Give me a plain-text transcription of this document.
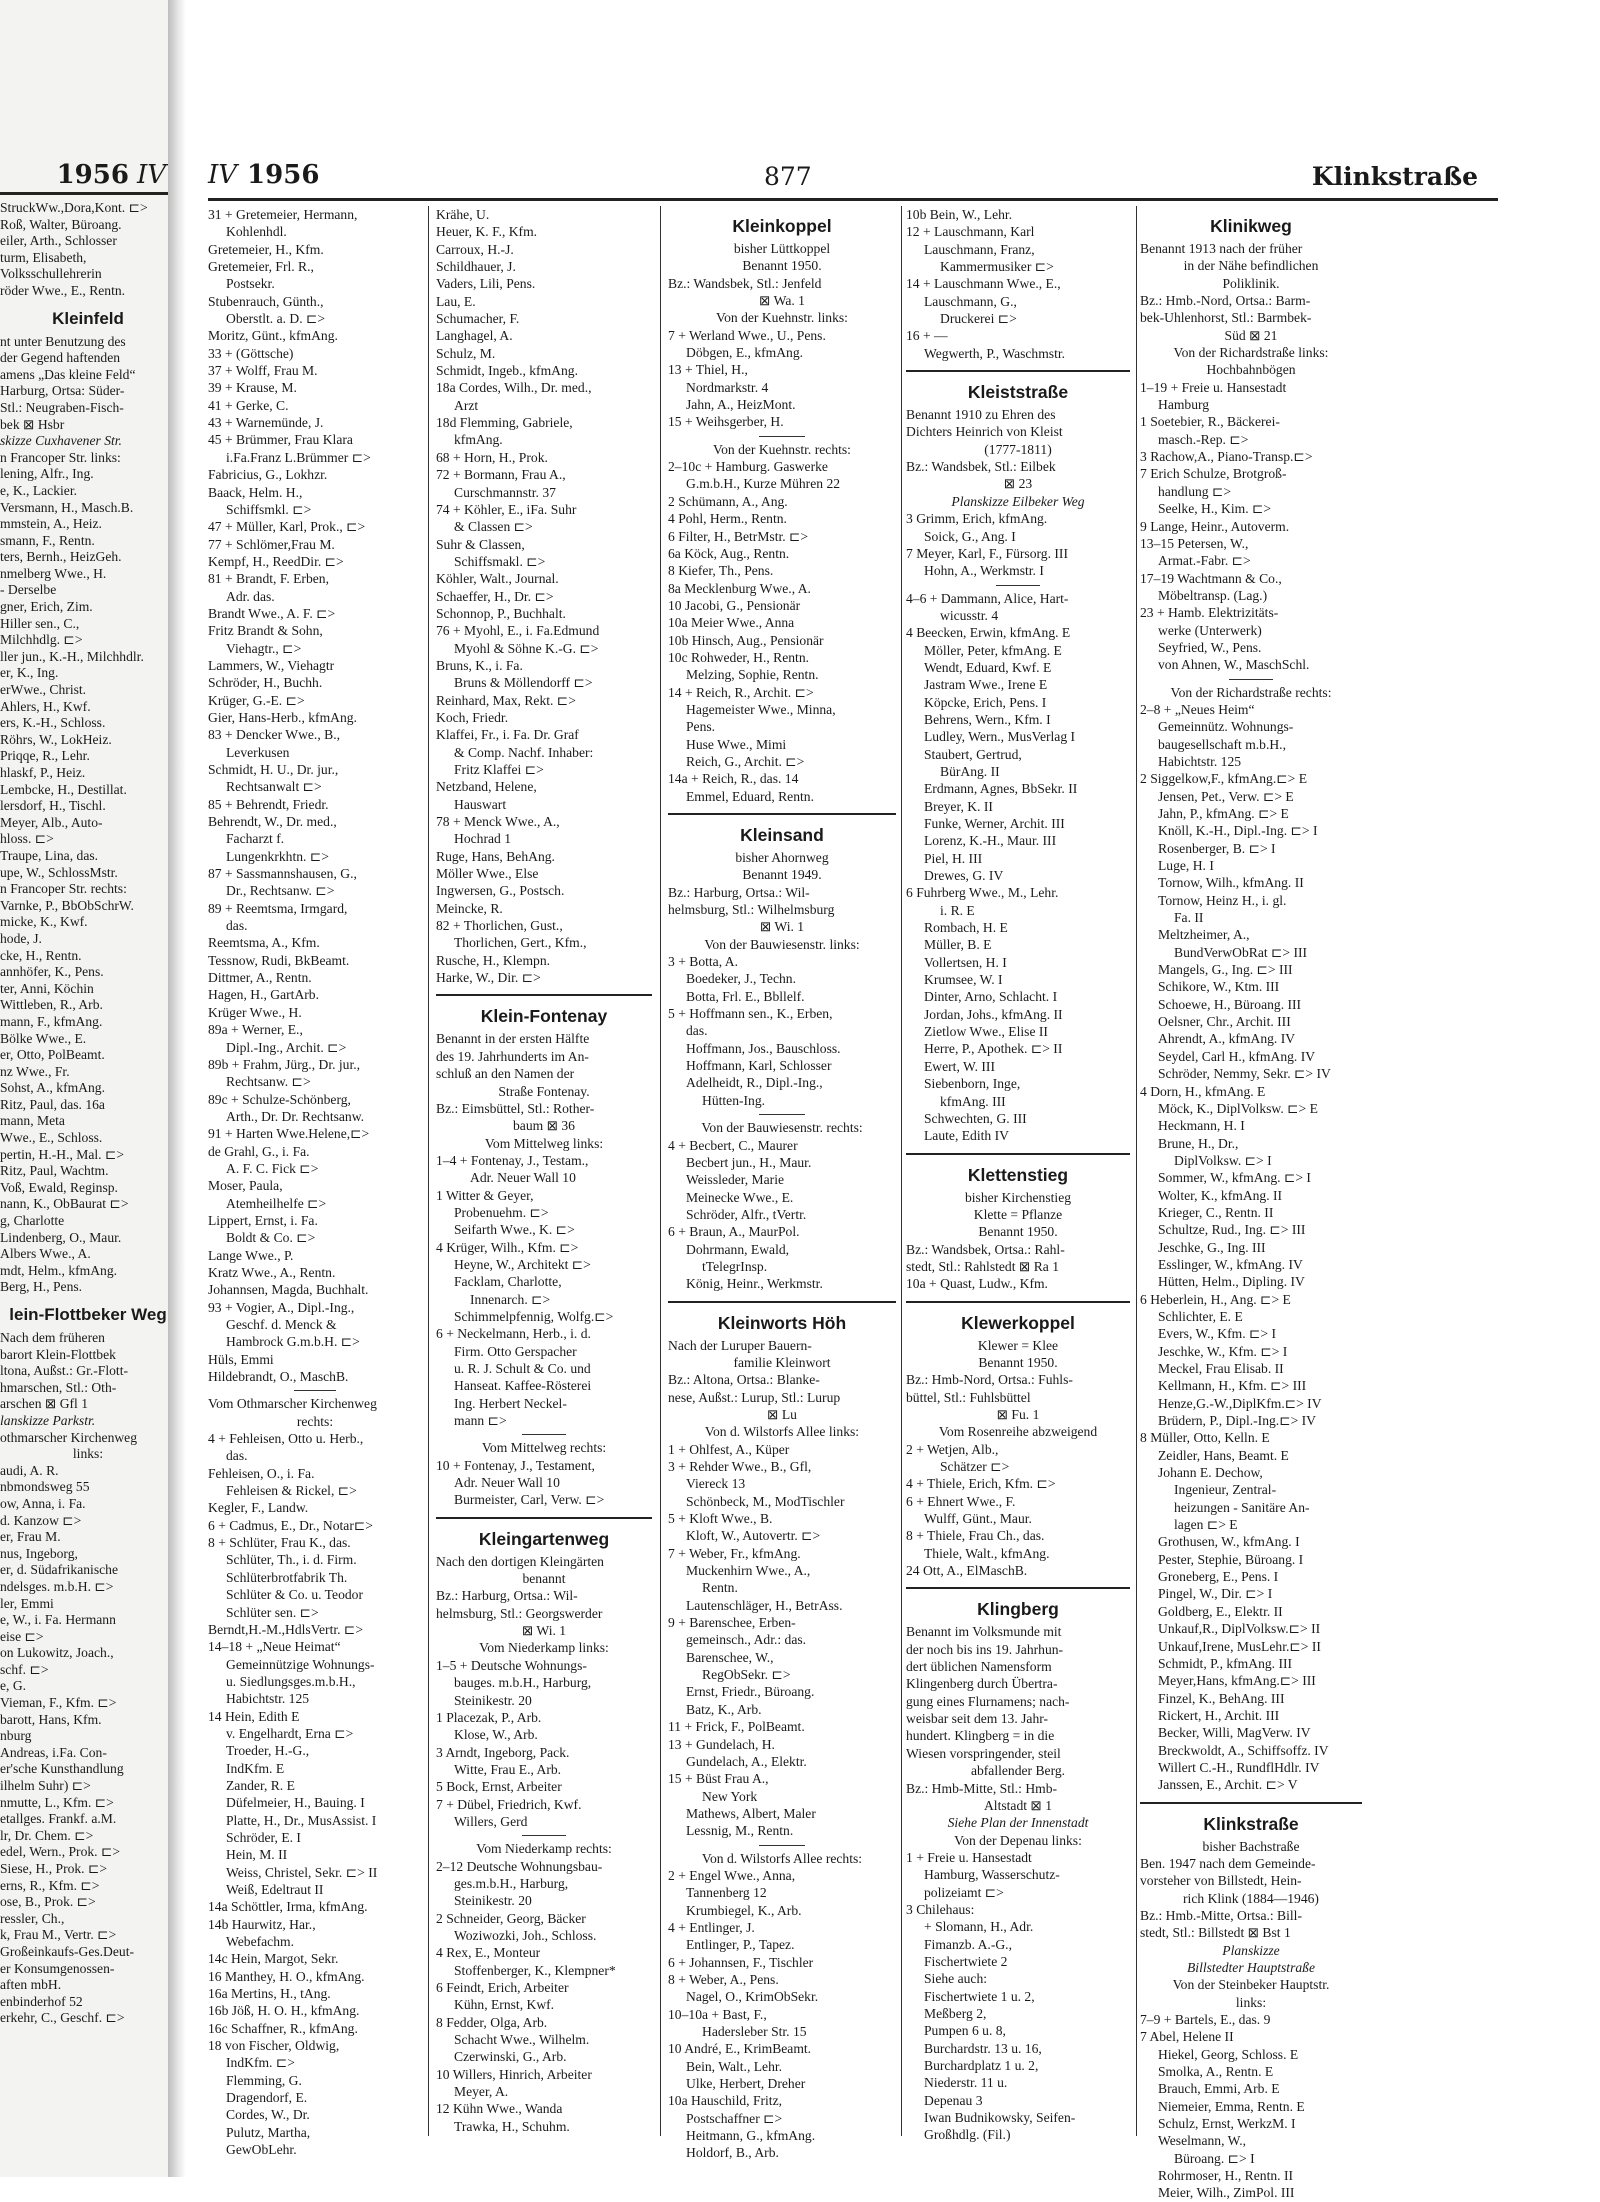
1956 IV
StruckWw.,Dora,Kont. ⊏>
Roß, Walter, Büroang.
eiler, Arth., Schlosser
turm, Elisabeth,
Volksschullehrerin
röder Wwe., E., Rentn.
Kleinfeld
nt unter Benutzung des
der Gegend haftenden
amens „Das kleine Feld“
Harburg, Ortsa: Süder-
Stl.: Neugraben-Fisch-
bek ⊠ Hsbr
skizze Cuxhavener Str.
n Francoper Str. links:
lening, Alfr., Ing.
e, K., Lackier.
Versmann, H., Masch.B.
mmstein, A., Heiz.
smann, F., Rentn.
ters, Bernh., HeizGeh.
nmelberg Wwe., H.
- Derselbe
gner, Erich, Zim.
Hiller sen., C.,
Milchhdlg. ⊏>
ller jun., K.-H., Milchhdlr.
er, K., Ing.
erWwe., Christ.
Ahlers, H., Kwf.
ers, K.-H., Schloss.
Röhrs, W., LokHeiz.
Priqqe, R., Lehr.
hlaskf, P., Heiz.
Lembcke, H., Destillat.
lersdorf, H., Tischl.
Meyer, Alb., Auto-
hloss. ⊏>
Traupe, Lina, das.
upe, W., SchlossMstr.
n Francoper Str. rechts:
Varnke, P., BbObSchrW.
micke, K., Kwf.
hode, J.
cke, H., Rentn.
annhöfer, K., Pens.
ter, Anni, Köchin
Wittleben, R., Arb.
mann, F., kfmAng.
Bölke Wwe., E.
er, Otto, PolBeamt.
nz Wwe., Fr.
Sohst, A., kfmAng.
Ritz, Paul, das. 16a
mann, Meta
Wwe., E., Schloss.
pertin, H.-H., Mal. ⊏>
Ritz, Paul, Wachtm.
Voß, Ewald, Reginsp.
nann, K., ObBaurat ⊏>
g, Charlotte
Lindenberg, O., Maur.
Albers Wwe., A.
mdt, Helm., kfmAng.
Berg, H., Pens.
lein-Flottbeker Weg
Nach dem früheren
barort Klein-Flottbek
ltona, Außst.: Gr.-Flott-
hmarschen, Stl.: Oth-
arschen ⊠ Gfl 1
lanskizze Parkstr.
othmarscher Kirchenweg
links:
audi, A. R.
nbmondsweg 55
ow, Anna, i. Fa.
d. Kanzow ⊏>
er, Frau M.
nus, Ingeborg,
er, d. Südafrikanische
ndelsges. m.b.H. ⊏>
ler, Emmi
e, W., i. Fa. Hermann
eise ⊏>
on Lukowitz, Joach.,
schf. ⊏>
e, G.
Vieman, F., Kfm. ⊏>
barott, Hans, Kfm.
nburg
Andreas, i.Fa. Con-
er'sche Kunsthandlung
ilhelm Suhr) ⊏>
nmutte, L., Kfm. ⊏>
etallges. Frankf. a.M.
lr, Dr. Chem. ⊏>
edel, Wern., Prok. ⊏>
Siese, H., Prok. ⊏>
erns, R., Kfm. ⊏>
ose, B., Prok. ⊏>
ressler, Ch.,
k, Frau M., Vertr. ⊏>
Großeinkaufs-Ges.Deut-
er Konsumgenossen-
aften mbH.
enbinderhof 52
erkehr, C., Geschf. ⊏>
IV 1956	877	Klinkstraße
31 + Gretemeier, Hermann,
Kohlenhdl.
Gretemeier, H., Kfm.
Gretemeier, Frl. R.,
Postsekr.
Stubenrauch, Günth.,
Oberstlt. a. D. ⊏>
Moritz, Günt., kfmAng.
33 + (Göttsche)
37 + Wolff, Frau M.
39 + Krause, M.
41 + Gerke, C.
43 + Warnemünde, J.
45 + Brümmer, Frau Klara
i.Fa.Franz L.Brümmer ⊏>
Fabricius, G., Lokhzr.
Baack, Helm. H.,
Schiffsmkl. ⊏>
47 + Müller, Karl, Prok., ⊏>
77 + Schlömer,Frau M.
Kempf, H., ReedDir. ⊏>
81 + Brandt, F. Erben,
Adr. das.
Brandt Wwe., A. F. ⊏>
Fritz Brandt & Sohn,
Viehagtr., ⊏>
Lammers, W., Viehagtr
Schröder, H., Buchh.
Krüger, G.-E. ⊏>
Gier, Hans-Herb., kfmAng.
83 + Dencker Wwe., B.,
Leverkusen
Schmidt, H. U., Dr. jur.,
Rechtsanwalt ⊏>
85 + Behrendt, Friedr.
Behrendt, W., Dr. med.,
Facharzt f.
Lungenkrkhtn. ⊏>
87 + Sassmannshausen, G.,
Dr., Rechtsanw. ⊏>
89 + Reemtsma, Irmgard,
das.
Reemtsma, A., Kfm.
Tessnow, Rudi, BkBeamt.
Dittmer, A., Rentn.
Hagen, H., GartArb.
Krüger Wwe., H.
89a + Werner, E.,
Dipl.-Ing., Archit. ⊏>
89b + Frahm, Jürg., Dr. jur.,
Rechtsanw. ⊏>
89c + Schulze-Schönberg,
Arth., Dr. Dr. Rechtsanw.
91 + Harten Wwe.Helene,⊏>
de Grahl, G., i. Fa.
A. F. C. Fick ⊏>
Moser, Paula,
Atemheilhelfe ⊏>
Lippert, Ernst, i. Fa.
Boldt & Co. ⊏>
Lange Wwe., P.
Kratz Wwe., A., Rentn.
Johannsen, Magda, Buchhalt.
93 + Vogier, A., Dipl.-Ing.,
Geschf. d. Menck &
Hambrock G.m.b.H. ⊏>
Hüls, Emmi
Hildebrandt, O., MaschB.
Vom Othmarscher Kirchenweg
rechts:
4 + Fehleisen, Otto u. Herb.,
das.
Fehleisen, O., i. Fa.
Fehleisen & Rickel, ⊏>
Kegler, F., Landw.
6 + Cadmus, E., Dr., Notar⊏>
8 + Schlüter, Frau K., das.
Schlüter, Th., i. d. Firm.
Schlüterbrotfabrik Th.
Schlüter & Co. u. Teodor
Schlüter sen. ⊏>
Berndt,H.-M.,HdlsVertr. ⊏>
14–18 + „Neue Heimat“
Gemeinnützige Wohnungs-
u. Siedlungsges.m.b.H.,
Habichtstr. 125
14 Hein, Edith E
v. Engelhardt, Erna ⊏>
Troeder, H.-G.,
IndKfm. E
Zander, R. E
Düfelmeier, H., Bauing. I
Platte, H., Dr., MusAssist. I
Schröder, E. I
Hein, M. II
Weiss, Christel, Sekr. ⊏> II
Weiß, Edeltraut II
14a Schöttler, Irma, kfmAng.
14b Haurwitz, Har.,
Webefachm.
14c Hein, Margot, Sekr.
16 Manthey, H. O., kfmAng.
16a Mertins, H., tAng.
16b Jöß, H. O. H., kfmAng.
16c Schaffner, R., kfmAng.
18 von Fischer, Oldwig,
IndKfm. ⊏>
Flemming, G.
Dragendorf, E.
Cordes, W., Dr.
Pulutz, Martha,
GewObLehr.
Krähe, U.
Heuer, K. F., Kfm.
Carroux, H.-J.
Schildhauer, J.
Vaders, Lili, Pens.
Lau, E.
Schumacher, F.
Langhagel, A.
Schulz, M.
Schmidt, Ingeb., kfmAng.
18a Cordes, Wilh., Dr. med.,
Arzt
18d Flemming, Gabriele,
kfmAng.
68 + Horn, H., Prok.
72 + Bormann, Frau A.,
Curschmannstr. 37
74 + Köhler, E., iFa. Suhr
& Classen ⊏>
Suhr & Classen,
Schiffsmakl. ⊏>
Köhler, Walt., Journal.
Schaeffer, H., Dr. ⊏>
Schonnop, P., Buchhalt.
76 + Myohl, E., i. Fa.Edmund
Myohl & Söhne K.-G. ⊏>
Bruns, K., i. Fa.
Bruns & Möllendorff ⊏>
Reinhard, Max, Rekt. ⊏>
Koch, Friedr.
Klaffei, Fr., i. Fa. Dr. Graf
& Comp. Nachf. Inhaber:
Fritz Klaffei ⊏>
Netzband, Helene,
Hauswart
78 + Menck Wwe., A.,
Hochrad 1
Ruge, Hans, BehAng.
Möller Wwe., Else
Ingwersen, G., Postsch.
Meincke, R.
82 + Thorlichen, Gust.,
Thorlichen, Gert., Kfm.,
Rusche, H., Klempn.
Harke, W., Dir. ⊏>
Klein-Fontenay
Benannt in der ersten Hälfte
des 19. Jahrhunderts im An-
schluß an den Namen der
Straße Fontenay.
Bz.: Eimsbüttel, Stl.: Rother-
baum ⊠ 36
Vom Mittelweg links:
1–4 + Fontenay, J., Testam.,
Adr. Neuer Wall 10
1 Witter & Geyer,
Probenuehm. ⊏>
Seifarth Wwe., K. ⊏>
4 Krüger, Wilh., Kfm. ⊏>
Heyne, W., Architekt ⊏>
Facklam, Charlotte,
Innenarch. ⊏>
Schimmelpfennig, Wolfg.⊏>
6 + Neckelmann, Herb., i. d.
Firm. Otto Gerspacher
u. R. J. Schult & Co. und
Hanseat. Kaffee-Rösterei
Ing. Herbert Neckel-
mann ⊏>
Vom Mittelweg rechts:
10 + Fontenay, J., Testament,
Adr. Neuer Wall 10
Burmeister, Carl, Verw. ⊏>
Kleingartenweg
Nach den dortigen Kleingärten
benannt
Bz.: Harburg, Ortsa.: Wil-
helmsburg, Stl.: Georgswerder
⊠ Wi. 1
Vom Niederkamp links:
1–5 + Deutsche Wohnungs-
bauges. m.b.H., Harburg,
Steinikestr. 20
1 Placezak, P., Arb.
Klose, W., Arb.
3 Arndt, Ingeborg, Pack.
Witte, Frau E., Arb.
5 Bock, Ernst, Arbeiter
7 + Dübel, Friedrich, Kwf.
Willers, Gerd
Vom Niederkamp rechts:
2–12 Deutsche Wohnungsbau-
ges.m.b.H., Harburg,
Steinikestr. 20
2 Schneider, Georg, Bäcker
Woziwozki, Joh., Schloss.
4 Rex, E., Monteur
Stoffenberger, K., Klempner*
6 Feindt, Erich, Arbeiter
Kühn, Ernst, Kwf.
8 Fedder, Olga, Arb.
Schacht Wwe., Wilhelm.
Czerwinski, G., Arb.
10 Willers, Hinrich, Arbeiter
Meyer, A.
12 Kühn Wwe., Wanda
Trawka, H., Schuhm.
Kleinkoppel
bisher Lüttkoppel
Benannt 1950.
Bz.: Wandsbek, Stl.: Jenfeld
⊠ Wa. 1
Von der Kuehnstr. links:
7 + Werland Wwe., U., Pens.
Döbgen, E., kfmAng.
13 + Thiel, H.,
Nordmarkstr. 4
Jahn, A., HeizMont.
15 + Weihsgerber, H.
Von der Kuehnstr. rechts:
2–10c + Hamburg. Gaswerke
G.m.b.H., Kurze Mühren 22
2 Schümann, A., Ang.
4 Pohl, Herm., Rentn.
6 Filter, H., BetrMstr. ⊏>
6a Köck, Aug., Rentn.
8 Kiefer, Th., Pens.
8a Mecklenburg Wwe., A.
10 Jacobi, G., Pensionär
10a Meier Wwe., Anna
10b Hinsch, Aug., Pensionär
10c Rohweder, H., Rentn.
Melzing, Sophie, Rentn.
14 + Reich, R., Archit. ⊏>
Hagemeister Wwe., Minna,
Pens.
Huse Wwe., Mimi
Reich, G., Archit. ⊏>
14a + Reich, R., das. 14
Emmel, Eduard, Rentn.
Kleinsand
bisher Ahornweg
Benannt 1949.
Bz.: Harburg, Ortsa.: Wil-
helmsburg, Stl.: Wilhelmsburg
⊠ Wi. 1
Von der Bauwiesenstr. links:
3 + Botta, A.
Boedeker, J., Techn.
Botta, Frl. E., Bbllelf.
5 + Hoffmann sen., K., Erben,
das.
Hoffmann, Jos., Bauschloss.
Hoffmann, Karl, Schlosser
Adelheidt, R., Dipl.-Ing.,
Hütten-Ing.
Von der Bauwiesenstr. rechts:
4 + Becbert, C., Maurer
Becbert jun., H., Maur.
Weissleder, Marie
Meinecke Wwe., E.
Schröder, Alfr., tVertr.
6 + Braun, A., MaurPol.
Dohrmann, Ewald,
tTelegrInsp.
König, Heinr., Werkmstr.
Kleinworts Höh
Nach der Luruper Bauern-
familie Kleinwort
Bz.: Altona, Ortsa.: Blanke-
nese, Außst.: Lurup, Stl.: Lurup
⊠ Lu
Von d. Wilstorfs Allee links:
1 + Ohlfest, A., Küper
3 + Rehder Wwe., B., Gfl,
Viereck 13
Schönbeck, M., ModTischler
5 + Kloft Wwe., B.
Kloft, W., Autovertr. ⊏>
7 + Weber, Fr., kfmAng.
Muckenhirn Wwe., A.,
Rentn.
Lautenschläger, H., BetrAss.
9 + Barenschee, Erben-
gemeinsch., Adr.: das.
Barenschee, W.,
RegObSekr. ⊏>
Ernst, Friedr., Büroang.
Batz, K., Arb.
11 + Frick, F., PolBeamt.
13 + Gundelach, H.
Gundelach, A., Elektr.
15 + Büst Frau A.,
New York
Mathews, Albert, Maler
Lessnig, M., Rentn.
Von d. Wilstorfs Allee rechts:
2 + Engel Wwe., Anna,
Tannenberg 12
Krumbiegel, K., Arb.
4 + Entlinger, J.
Entlinger, P., Tapez.
6 + Johannsen, F., Tischler
8 + Weber, A., Pens.
Nagel, O., KrimObSekr.
10–10a + Bast, F.,
Hadersleber Str. 15
10 André, E., KrimBeamt.
Bein, Walt., Lehr.
Ulke, Herbert, Dreher
10a Hauschild, Fritz,
Postschaffner ⊏>
Heitmann, G., kfmAng.
Holdorf, B., Arb.
10b Bein, W., Lehr.
12 + Lauschmann, Karl
Lauschmann, Franz,
Kammermusiker ⊏>
14 + Lauschmann Wwe., E.,
Lauschmann, G.,
Druckerei ⊏>
16 + —
Wegwerth, P., Waschmstr.
Kleiststraße
Benannt 1910 zu Ehren des
Dichters Heinrich von Kleist
(1777-1811)
Bz.: Wandsbek, Stl.: Eilbek
⊠ 23
Planskizze Eilbeker Weg
3 Grimm, Erich, kfmAng.
Soick, G., Ang. I
7 Meyer, Karl, F., Fürsorg. III
Hohn, A., Werkmstr. I
4–6 + Dammann, Alice, Hart-
wicusstr. 4
4 Beecken, Erwin, kfmAng. E
Möller, Peter, kfmAng. E
Wendt, Eduard, Kwf. E
Jastram Wwe., Irene E
Köpcke, Erich, Pens. I
Behrens, Wern., Kfm. I
Ludley, Wern., MusVerlag I
Staubert, Gertrud,
BürAng. II
Erdmann, Agnes, BbSekr. II
Breyer, K. II
Funke, Werner, Archit. III
Lorenz, K.-H., Maur. III
Piel, H. III
Drewes, G. IV
6 Fuhrberg Wwe., M., Lehr.
i. R. E
Rombach, H. E
Müller, B. E
Vollertsen, H. I
Krumsee, W. I
Dinter, Arno, Schlacht. I
Jordan, Johs., kfmAng. II
Zietlow Wwe., Elise II
Herre, P., Apothek. ⊏> II
Ewert, W. III
Siebenborn, Inge,
kfmAng. III
Schwechten, G. III
Laute, Edith IV
Klettenstieg
bisher Kirchenstieg
Klette = Pflanze
Benannt 1950.
Bz.: Wandsbek, Ortsa.: Rahl-
stedt, Stl.: Rahlstedt ⊠ Ra 1
10a + Quast, Ludw., Kfm.
Klewerkoppel
Klewer = Klee
Benannt 1950.
Bz.: Hmb-Nord, Ortsa.: Fuhls-
büttel, Stl.: Fuhlsbüttel
⊠ Fu. 1
Vom Rosenreihe abzweigend
2 + Wetjen, Alb.,
Schätzer ⊏>
4 + Thiele, Erich, Kfm. ⊏>
6 + Ehnert Wwe., F.
Wulff, Günt., Maur.
8 + Thiele, Frau Ch., das.
Thiele, Walt., kfmAng.
24 Ott, A., ElMaschB.
Klingberg
Benannt im Volksmunde mit
der noch bis ins 19. Jahrhun-
dert üblichen Namensform
Klingenberg durch Übertra-
gung eines Flurnamens; nach-
weisbar seit dem 13. Jahr-
hundert. Klingberg = in die
Wiesen vorspringender, steil
abfallender Berg.
Bz.: Hmb-Mitte, Stl.: Hmb-
Altstadt ⊠ 1
Siehe Plan der Innenstadt
Von der Depenau links:
1 + Freie u. Hansestadt
Hamburg, Wasserschutz-
polizeiamt ⊏>
3 Chilehaus:
+ Slomann, H., Adr.
Fimanzb. A.-G.,
Fischertwiete 2
Siehe auch:
Fischertwiete 1 u. 2,
Meßberg 2,
Pumpen 6 u. 8,
Burchardstr. 13 u. 16,
Burchardplatz 1 u. 2,
Niederstr. 11 u.
Depenau 3
Iwan Budnikowsky, Seifen-
Großhdlg. (Fil.)
Klinikweg
Benannt 1913 nach der früher
in der Nähe befindlichen
Poliklinik.
Bz.: Hmb.-Nord, Ortsa.: Barm-
bek-Uhlenhorst, Stl.: Barmbek-
Süd ⊠ 21
Von der Richardstraße links:
Hochbahnbögen
1–19 + Freie u. Hansestadt
Hamburg
1 Soetebier, R., Bäckerei-
masch.-Rep. ⊏>
3 Rachow,A., Piano-Transp.⊏>
7 Erich Schulze, Brotgroß-
handlung ⊏>
Seelke, H., Kim. ⊏>
9 Lange, Heinr., Autoverm.
13–15 Petersen, W.,
Armat.-Fabr. ⊏>
17–19 Wachtmann & Co.,
Möbeltransp. (Lag.)
23 + Hamb. Elektrizitäts-
werke (Unterwerk)
Seyfried, W., Pens.
von Ahnen, W., MaschSchl.
Von der Richardstraße rechts:
2–8 + „Neues Heim“
Gemeinnütz. Wohnungs-
baugesellschaft m.b.H.,
Habichtstr. 125
2 Siggelkow,F., kfmAng.⊏> E
Jensen, Pet., Verw. ⊏> E
Jahn, P., kfmAng. ⊏> E
Knöll, K.-H., Dipl.-Ing. ⊏> I
Rosenberger, B. ⊏> I
Luge, H. I
Tornow, Wilh., kfmAng. II
Tornow, Heinz H., i. gl.
Fa. II
Meltzheimer, A.,
BundVerwObRat ⊏> III
Mangels, G., Ing. ⊏> III
Schikore, W., Ktm. III
Schoewe, H., Büroang. III
Oelsner, Chr., Archit. III
Ahrendt, A., kfmAng. IV
Seydel, Carl H., kfmAng. IV
Schröder, Nemmy, Sekr. ⊏> IV
4 Dorn, H., kfmAng. E
Möck, K., DiplVolksw. ⊏> E
Heckmann, H. I
Brune, H., Dr.,
DiplVolksw. ⊏> I
Sommer, W., kfmAng. ⊏> I
Wolter, K., kfmAng. II
Krieger, C., Rentn. II
Schultze, Rud., Ing. ⊏> III
Jeschke, G., Ing. III
Esslinger, W., kfmAng. IV
Hütten, Helm., Dipling. IV
6 Heberlein, H., Ang. ⊏> E
Schlichter, E. E
Evers, W., Kfm. ⊏> I
Jeschke, W., Kfm. ⊏> I
Meckel, Frau Elisab. II
Kellmann, H., Kfm. ⊏> III
Henze,G.-W.,DiplKfm.⊏> IV
Brüdern, P., Dipl.-Ing.⊏> IV
8 Müller, Otto, Kelln. E
Zeidler, Hans, Beamt. E
Johann E. Dechow,
Ingenieur, Zentral-
heizungen - Sanitäre An-
lagen ⊏> E
Grothusen, W., kfmAng. I
Pester, Stephie, Büroang. I
Groneberg, E., Pens. I
Pingel, W., Dir. ⊏> I
Goldberg, E., Elektr. II
Unkauf,R., DiplVolksw.⊏> II
Unkauf,Irene, MusLehr.⊏> II
Schmidt, P., kfmAng. III
Meyer,Hans, kfmAng.⊏> III
Finzel, K., BehAng. III
Rickert, H., Archit. III
Becker, Willi, MagVerw. IV
Breckwoldt, A., Schiffsoffz. IV
Willert C.-H., RundflHdlr. IV
Janssen, E., Archit. ⊏> V
Klinkstraße
bisher Bachstraße
Ben. 1947 nach dem Gemeinde-
vorsteher von Billstedt, Hein-
rich Klink (1884—1946)
Bz.: Hmb.-Mitte, Ortsa.: Bill-
stedt, Stl.: Billstedt ⊠ Bst 1
Planskizze
Billstedter Hauptstraße
Von der Steinbeker Hauptstr.
links:
7–9 + Bartels, E., das. 9
7 Abel, Helene II
Hiekel, Georg, Schloss. E
Smolka, A., Rentn. E
Brauch, Emmi, Arb. E
Niemeier, Emma, Rentn. E
Schulz, Ernst, WerkzM. I
Weselmann, W.,
Büroang. ⊏> I
Rohrmoser, H., Rentn. II
Meier, Wilh., ZimPol. III
